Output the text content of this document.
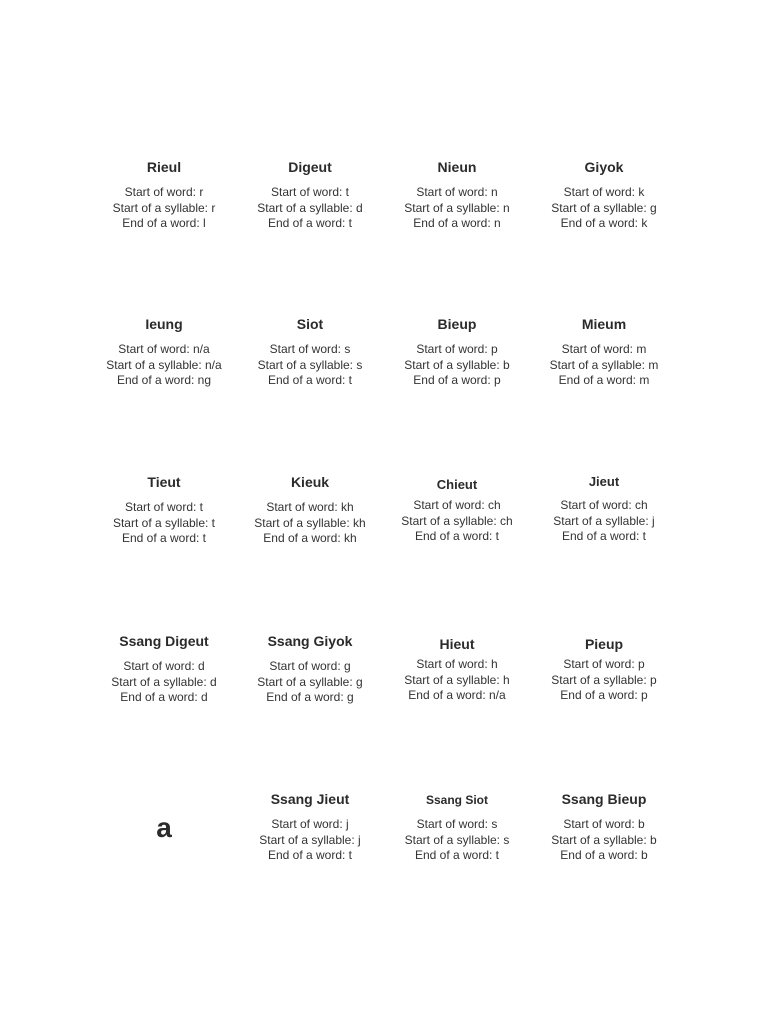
Rieul
Start of word: r
Start of a syllable: r
End of a word: l
Digeut
Start of word: t
Start of a syllable: d
End of a word: t
Nieun
Start of word: n
Start of a syllable: n
End of a word: n
Giyok
Start of word: k
Start of a syllable: g
End of a word: k
Ieung
Start of word: n/a
Start of a syllable: n/a
End of a word: ng
Siot
Start of word: s
Start of a syllable: s
End of a word: t
Bieup
Start of word: p
Start of a syllable: b
End of a word: p
Mieum
Start of word: m
Start of a syllable: m
End of a word: m
Tieut
Start of word: t
Start of a syllable: t
End of a word: t
Kieuk
Start of word: kh
Start of a syllable: kh
End of a word: kh
Chieut
Start of word: ch
Start of a syllable: ch
End of a word: t
Jieut
Start of word: ch
Start of a syllable: j
End of a word: t
Ssang Digeut
Start of word: d
Start of a syllable: d
End of a word: d
Ssang Giyok
Start of word: g
Start of a syllable: g
End of a word: g
Hieut
Start of word: h
Start of a syllable: h
End of a word: n/a
Pieup
Start of word: p
Start of a syllable: p
End of a word: p
a
Ssang Jieut
Start of word: j
Start of a syllable: j
End of a word: t
Ssang Siot
Start of word: s
Start of a syllable: s
End of a word: t
Ssang Bieup
Start of word: b
Start of a syllable: b
End of a word: b
